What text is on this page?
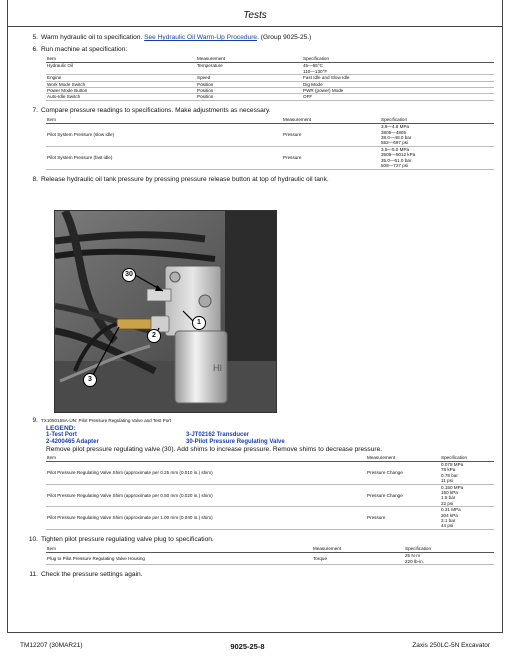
Tests
5. Warm hydraulic oil to specification. See Hydraulic Oil Warm-Up Procedure. (Group 9025-25.)
6. Run machine at specification:
Item	Measurement	Specification
Hydraulic Oil	Temperature	45—55°C
110—130°F
Engine	Speed	Fast Idle and Slow Idle
Work Mode Switch	Position	Dig Mode
Power Mode Button	Position	PWR (power) Mode
Auto-Idle Switch	Position	OFF
7. Compare pressure readings to specifications. Make adjustments as necessary.
Item	Measurement	Specification
Pilot System Pressure (slow idle)	Pressure
3.8—4.8 MPa
3805—4805
38.0—48.0 bar
552—697 psi
Pilot System Pressure (fast idle)	Pressure
3.5—5.0 MPa
3508—5012 kPa
35.0—51.0 bar
508—727 psi
8. Release hydraulic oil tank pressure by pressing pressure release button at top of hydraulic oil tank.
HI
30
1
2
3
9. TX1050155A-UN: Pilot Pressure Regulating Valve and Test Port
LEGEND:
1-Test Port	3-JT02162 Transducer
2-4200465 Adapter	30-Pilot Pressure Regulating Valve
Remove pilot pressure regulating valve (30). Add shims to increase pressure. Remove shims to decrease pressure.
Item	Measurement	Specification
Pilot Pressure Regulating Valve Shim (approximate per 0.25 mm (0.010 in.) shim)	Pressure Change
0.078 MPa
78 kPa
0.78 bar
11 psi
Pilot Pressure Regulating Valve Shim (approximate per 0.50 mm (0.020 in.) shim)	Pressure Change
0.150 MPa
150 kPa
1.5 bar
22 psi
Pilot Pressure Regulating Valve Shim (approximate per 1.00 mm (0.040 in.) shim)	Pressure
0.31 MPa
304 kPa
3.1 bar
44 psi
10. Tighten pilot pressure regulating valve plug to specification.
Item	Measurement	Specification
Plug to Pilot Pressure Regulating Valve Housing	Torque
25 N·m
220 lb-in.
11. Check the pressure settings again.
TM12207 (30MAR21)	9025-25-8	Zaxis 250LC-5N Excavator
